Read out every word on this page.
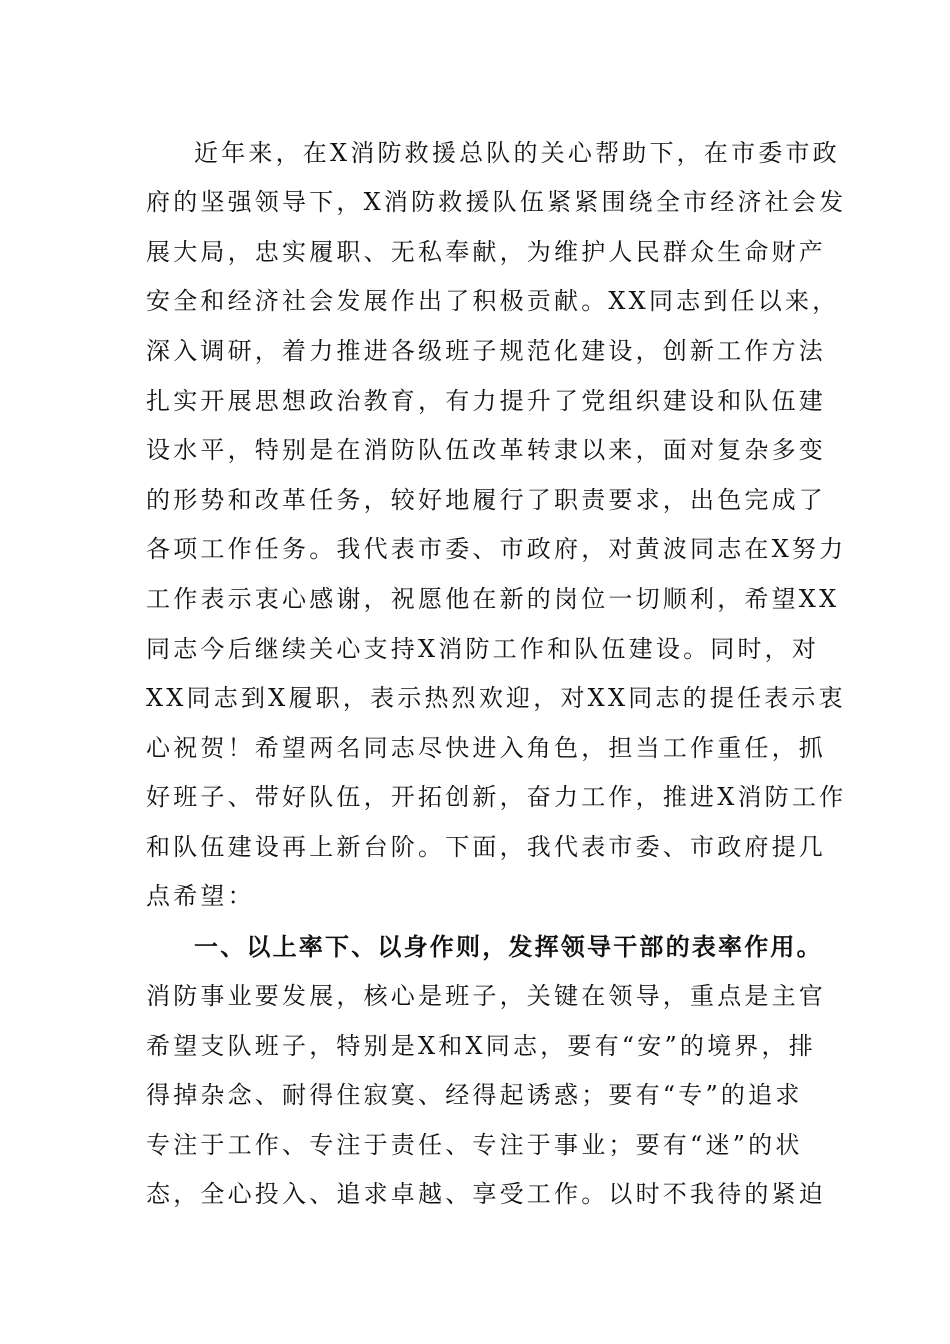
近年来，在X消防救援总队的关心帮助下，在市委市政
府的坚强领导下，X消防救援队伍紧紧围绕全市经济社会发
展大局，忠实履职、无私奉献，为维护人民群众生命财产
安全和经济社会发展作出了积极贡献。XX同志到任以来，
深入调研，着力推进各级班子规范化建设，创新工作方法
扎实开展思想政治教育，有力提升了党组织建设和队伍建
设水平，特别是在消防队伍改革转隶以来，面对复杂多变
的形势和改革任务，较好地履行了职责要求，出色完成了
各项工作任务。我代表市委、市政府，对黄波同志在X努力
工作表示衷心感谢，祝愿他在新的岗位一切顺利，希望XX
同志今后继续关心支持X消防工作和队伍建设。同时，对
XX同志到X履职，表示热烈欢迎，对XX同志的提任表示衷
心祝贺！希望两名同志尽快进入角色，担当工作重任，抓
好班子、带好队伍，开拓创新，奋力工作，推进X消防工作
和队伍建设再上新台阶。下面，我代表市委、市政府提几
点希望：
一、以上率下、以身作则，发挥领导干部的表率作用。
消防事业要发展，核心是班子，关键在领导，重点是主官
希望支队班子，特别是X和X同志，要有“安”的境界，排
得掉杂念、耐得住寂寞、经得起诱惑；要有“专”的追求
专注于工作、专注于责任、专注于事业；要有“迷”的状
态，全心投入、追求卓越、享受工作。以时不我待的紧迫
